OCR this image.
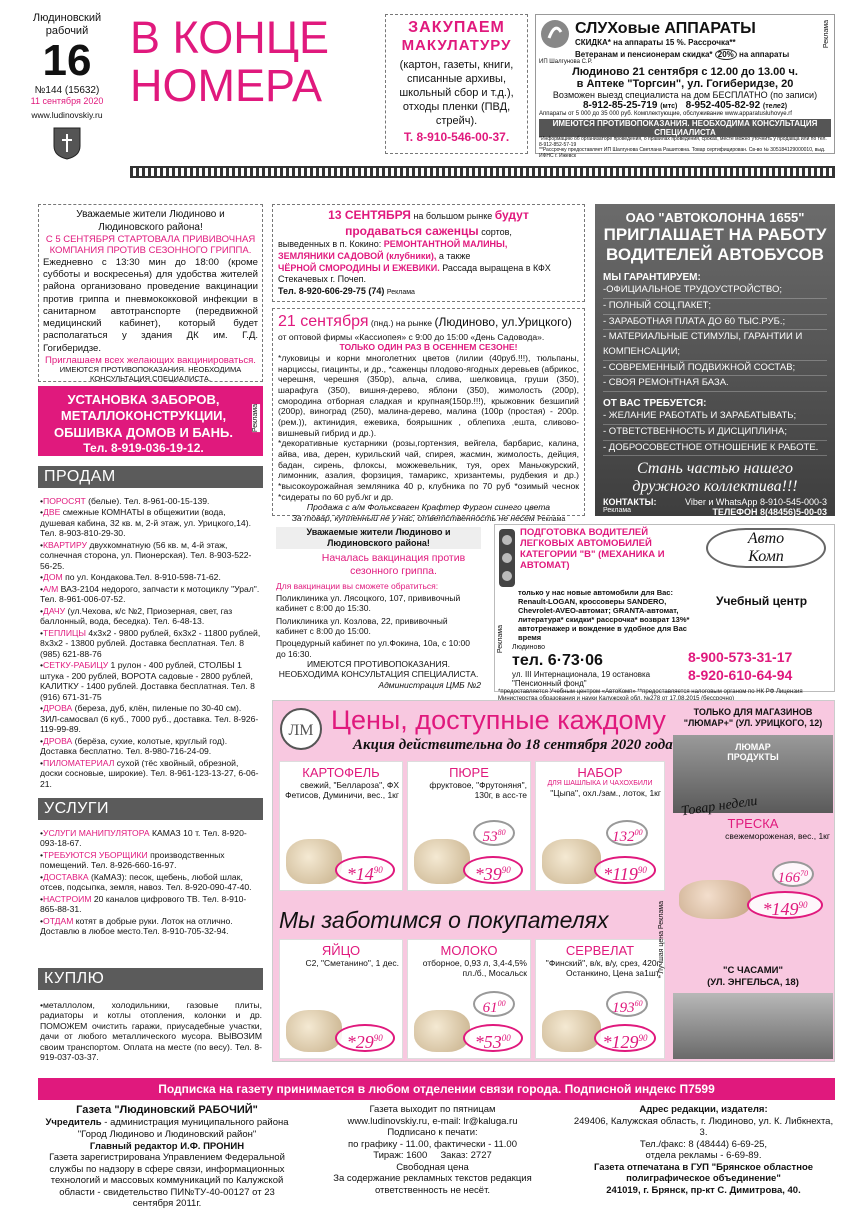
Людиновский рабочий
16
№144 (15632)
11 сентября 2020
www.ludinovskiy.ru
В КОНЦЕ
НОМЕРА
ЗАКУПАЕМ
МАКУЛАТУРУ
(картон, газеты, книги, списанные архивы, школьный сбор и т.д.), отходы пленки (ПВД, стрейч).
Т. 8-910-546-00-37.
СЛУХовые АППАРАТЫ
СКИДКА* на аппараты 15 %. Рассрочка**	Реклама
Ветеранам и пенсионерам скидка* 20% на аппараты
ИП Шалгунова С.Р.
Людиново 21 сентября с 12.00 до 13.00 ч.
в Аптеке "Торгсин", ул. Гогиберидзе, 20
Возможен выезд специалиста на дом БЕСПЛАТНО (по записи)
8-912-85-25-719 (мтс) 8-952-405-82-92 (теле2)
Аппараты от 5 000 до 35 000 руб. Комплектующие, обслуживание www.apparatusluhovye.rf
ИМЕЮТСЯ ПРОТИВОПОКАЗАНИЯ. НЕОБХОДИМА КОНСУЛЬТАЦИЯ СПЕЦИАЛИСТА
*Информацию об организаторе проведения, о правилах проведения, сроках, месте можно уточнить у продавца или по тел. 8-912-852-57-19
**Рассрочку предоставляет ИП Шалгунова Светлана Рашитовна. Товар сертифицирован. Св-во № 305184129000010, выд. ИФНС г. Ижевск
Уважаемые жители Людиново и Людиновского района!
С 5 СЕНТЯБРЯ СТАРТОВАЛА ПРИВИВОЧНАЯ КОМПАНИЯ ПРОТИВ СЕЗОННОГО ГРИППА.
Ежедневно с 13:30 мин до 18:00 (кроме субботы и воскресенья) для удобства жителей района организовано проведение вакцинации против гриппа и пневмококковой инфекции в санитарном автотранспорте (передвижной медицинский кабинет), который будет располагаться у здания ДК им. Г.Д. Гогиберидзе.
Приглашаем всех желающих вакцинироваться.
ИМЕЮТСЯ ПРОТИВОПОКАЗАНИЯ. НЕОБХОДИМА КОНСУЛЬТАЦИЯ СПЕЦИАЛИСТА.
УСТАНОВКА ЗАБОРОВ, МЕТАЛЛОКОНСТРУКЦИИ, ОБШИВКА ДОМОВ И БАНЬ.
Тел. 8-919-036-19-12.
Реклама
ПРОДАМ
•ПОРОСЯТ (белые). Тел. 8-961-00-15-139.
•ДВЕ смежные КОМНАТЫ в общежитии (вода, душевая кабина, 32 кв. м, 2-й этаж, ул. Урицкого,14). Тел. 8-903-810-29-30.
•КВАРТИРУ двухкомнатную (56 кв. м, 4-й этаж, солнечная сторона, ул. Пионерская). Тел. 8-903-522-56-25.
•ДОМ по ул. Кондакова.Тел. 8-910-598-71-62.
•А/М ВАЗ-2104 недорого, запчасти к мотоциклу "Урал". Тел. 8-961-006-07-52.
•ДАЧУ (ул.Чехова, к/с №2, Приозерная, свет, газ баллонный, вода, беседка). Тел. 6-48-13.
•ТЕПЛИЦЫ 4х3х2 - 9800 рублей, 6х3х2 - 11800 рублей, 8х3х2 - 13800 рублей. Доставка бесплатная. Тел. 8 (985) 621-88-76
•СЕТКУ-РАБИЦУ 1 рулон - 400 рублей, СТОЛБЫ 1 штука - 200 рублей, ВОРОТА садовые - 2800 рублей, КАЛИТКУ - 1400 рублей. Доставка бесплатная. Тел. 8 (916) 671-31-75
•ДРОВА (береза, дуб, клён, пиленые по 30-40 см). ЗИЛ-самосвал (6 куб., 7000 руб., доставка. Тел. 8-926-119-99-89.
•ДРОВА (берёза, сухие, колотые, круглый год). Доставка бесплатно. Тел. 8-980-716-24-09.
•ПИЛОМАТЕРИАЛ сухой (тёс хвойный, обрезной, доски сосновые, широкие). Тел. 8-961-123-13-27, 6-06-21.
УСЛУГИ
•УСЛУГИ МАНИПУЛЯТОРА КАМАЗ 10 т. Тел. 8-920-093-18-67.
•ТРЕБУЮТСЯ УБОРЩИКИ производственных помещений. Тел. 8-926-660-16-97.
•ДОСТАВКА (КаМАЗ): песок, щебень, любой шлак, отсев, подсыпка, земля, навоз. Тел. 8-920-090-47-40.
•НАСТРОИМ 20 каналов цифрового ТВ. Тел. 8-910-865-88-31.
•ОТДАМ котят в добрые руки. Лоток на отлично. Доставлю в любое место.Тел. 8-910-705-32-94.
КУПЛЮ
•металлолом, холодильники, газовые плиты, радиаторы и котлы отопления, колонки и др. ПОМОЖЕМ очистить гаражи, приусадебные участки, дачи от любого металлического мусора. ВЫВОЗИМ своим транспортом. Оплата на месте (по весу). Тел. 8-919-037-03-37.
13 СЕНТЯБРЯ на большом рынке будут
продаваться саженцы сортов,
выведенных в п. Кокино: РЕМОНТАНТНОЙ МАЛИНЫ,
ЗЕМЛЯНИКИ САДОВОЙ (клубники), а также
ЧЁРНОЙ СМОРОДИНЫ И ЕЖЕВИКИ. Рассада выращена в КФХ Стекачевых г. Почеп.
Тел. 8-920-606-29-75 (74) Реклама
21 сентября (пнд.) на рынке (Людиново, ул.Урицкого)
от оптовой фирмы «Кассиопея» с 9:00 до 15:00 «День Садовода».
ТОЛЬКО ОДИН РАЗ В ОСЕННЕМ СЕЗОНЕ!
*луковицы и корни многолетних цветов (лилии (40руб.!!!), тюльпаны, нарциссы, гиацинты, и др., *саженцы плодово-ягодных деревьев (абрикос, черешня, черешня (350р), альча, слива, шелковица, груши (350), шарафуга (350), вишня-дерево, яблони (350), жимолость (200р), смородина отборная сладкая и крупная(150р.!!!), крыжовник безшипий (200р), виноград (250), малина-дерево, малина (100р (простая) - 200р. (рем.)), актинидия, ежевика, боярышник , облепиха ,ешта, сливово-вишневый гибрид и др.).
*декоративные кустарники (розы,гортензия, вейгела, барбарис, калина, айва, ива, дерен, курильский чай, спирея, жасмин, жимолость, дейция, бадан, сирень, флоксы, можжевельник, туя, орех Маньчжурский, лимонник, азалия, форзиция, тамарикс, хризантемы, рудбекия и др.) *высокоурожайная земляника 40 р, клубника по 70 руб *озимый чеснок *сидераты по 60 руб./кг и др.
Продажа с а/м Фольксваген Крафтер Фургон синего цвета
За товар, купленный не у нас, ответственность не несём Реклама
ОАО "АВТОКОЛОННА 1655"
ПРИГЛАШАЕТ НА РАБОТУ ВОДИТЕЛЕЙ АВТОБУСОВ
МЫ ГАРАНТИРУЕМ:
-ОФИЦИАЛЬНОЕ ТРУДОУСТРОЙСТВО;
- ПОЛНЫЙ СОЦ.ПАКЕТ;
- ЗАРАБОТНАЯ ПЛАТА ДО 60 ТЫС.РУБ.;
- МАТЕРИАЛЬНЫЕ СТИМУЛЫ, ГАРАНТИИ И КОМПЕНСАЦИИ;
- СОВРЕМЕННЫЙ ПОДВИЖНОЙ СОСТАВ;
- СВОЯ РЕМОНТНАЯ БАЗА.
ОТ ВАС ТРЕБУЕТСЯ:
- ЖЕЛАНИЕ РАБОТАТЬ И ЗАРАБАТЫВАТЬ;
- ОТВЕТСТВЕННОСТЬ И ДИСЦИПЛИНА;
- ДОБРОСОВЕСТНОЕ ОТНОШЕНИЕ К РАБОТЕ.
Стань частью нашего дружного коллектива!!!
КОНТАКТЫ:	Viber и WhatsApp 8-910-545-000-3
Реклама	ТЕЛЕФОН 8(48456)5-00-03
Уважаемые жители Людиново и Людиновского района!
Началась вакцинация против сезонного гриппа.
Для вакцинации вы сможете обратиться:
Поликлиника ул. Лясоцкого, 107, прививочный кабинет с 8:00 до 15:30.
Поликлиника ул. Козлова, 22, прививочный кабинет с 8:00 до 15:00.
Процедурный кабинет по ул.Фокина, 10а, с 10:00 до 16:30.
ИМЕЮТСЯ ПРОТИВОПОКАЗАНИЯ. НЕОБХОДИМА КОНСУЛЬТАЦИЯ СПЕЦИАЛИСТА.
Администрация ЦМБ №2
ПОДГОТОВКА ВОДИТЕЛЕЙ ЛЕГКОВЫХ АВТОМОБИЛЕЙ КАТЕГОРИИ "В" (МЕХАНИКА И АВТОМАТ)
Авто
Комп
только у нас новые автомобили для Вас:
Renault-LOGAN, кроссоверы SANDERO,
Chevrolet-AVEO-автомат; GRANTA-автомат,
литература* скидки* рассрочка* возврат 13%*
автотренажер и вождение в удобное для Вас время
Учебный центр
Людиново
тел. 6·73·06
ул. III Интернационала, 19 остановка "Пенсионный фонд"
8-900-573-31-17
8-920-610-64-94
Реклама
*предоставляется Учебным центром «АвтоКомп» **предоставляется налоговым органом по НК РФ Лицензия
ЛМ Цены, доступные каждому
Акция действительна до 18 сентября 2020 года
ТОЛЬКО ДЛЯ МАГАЗИНОВ
"ЛЮМАР+" (УЛ. УРИЦКОГО, 12)
ЛЮМАР
ПРОДУКТЫ
Товар недели
КАРТОФЕЛЬ
свежий, "Беллароза", ФХ Фетисов, Думиничи, вес., 1кг
$*14^{90}$
ПЮРЕ
фруктовое, "Фрутоняня", 130г, в асс-те
$53^{80}$
$*39^{90}$
НАБОР
ДЛЯ ШАШЛЫКА И ЧАХОХБИЛИ
"Цыпа", охл./зам., лоток, 1кг
$132^{00}$
$*119^{90}$
ТРЕСКА
свежемороженая, вес., 1кг
$166^{70}$
$*149^{90}$
ЯЙЦО
С2, "Сметанино", 1 дес.
$*29^{90}$
МОЛОКО
отборное, 0,93 л, 3,4-4,5% пл./б., Мосальск
$61^{00}$
$*53^{00}$
СЕРВЕЛАТ
"Финский", в/к, в/у, срез, 420г, Останкино, Цена за1шт.
$193^{60}$
$*129^{90}$
Мы заботимся о покупателях
"С ЧАСАМИ"
(УЛ. ЭНГЕЛЬСА, 18)
* Лучшая цена Реклама
Подписка на газету принимается в любом отделении связи города. Подписной индекс П7599
Газета "Людиновский РАБОЧИЙ"
Учредитель - администрация муниципального района "Город Людиново и Людиновский район"
Главный редактор И.Ф. ПРОНИН
Газета зарегистрирована Управлением Федеральной службы по надзору в сфере связи, информационных технологий и массовых коммуникаций по Калужской области - свидетельство ПИ№ТУ-40-00127 от 23 сентября 2011г.
Газета выходит по пятницам
www.ludinovskiy.ru, e-mail: lr@kaluga.ru
Подписано к печати:
по графику - 11.00, фактически - 11.00
Тираж: 1600 Заказ: 2727
Свободная цена
За содержание рекламных текстов редакция ответственность не несёт.
Адрес редакции, издателя:
249406, Калужская область, г. Людиново, ул. К. Либкнехта, 3.
Тел./факс: 8 (48444) 6-69-25,
отдела рекламы - 6-69-89.
Газета отпечатана в ГУП "Брянское областное полиграфическое объединение"
241019, г. Брянск, пр-кт С. Димитрова, 40.
